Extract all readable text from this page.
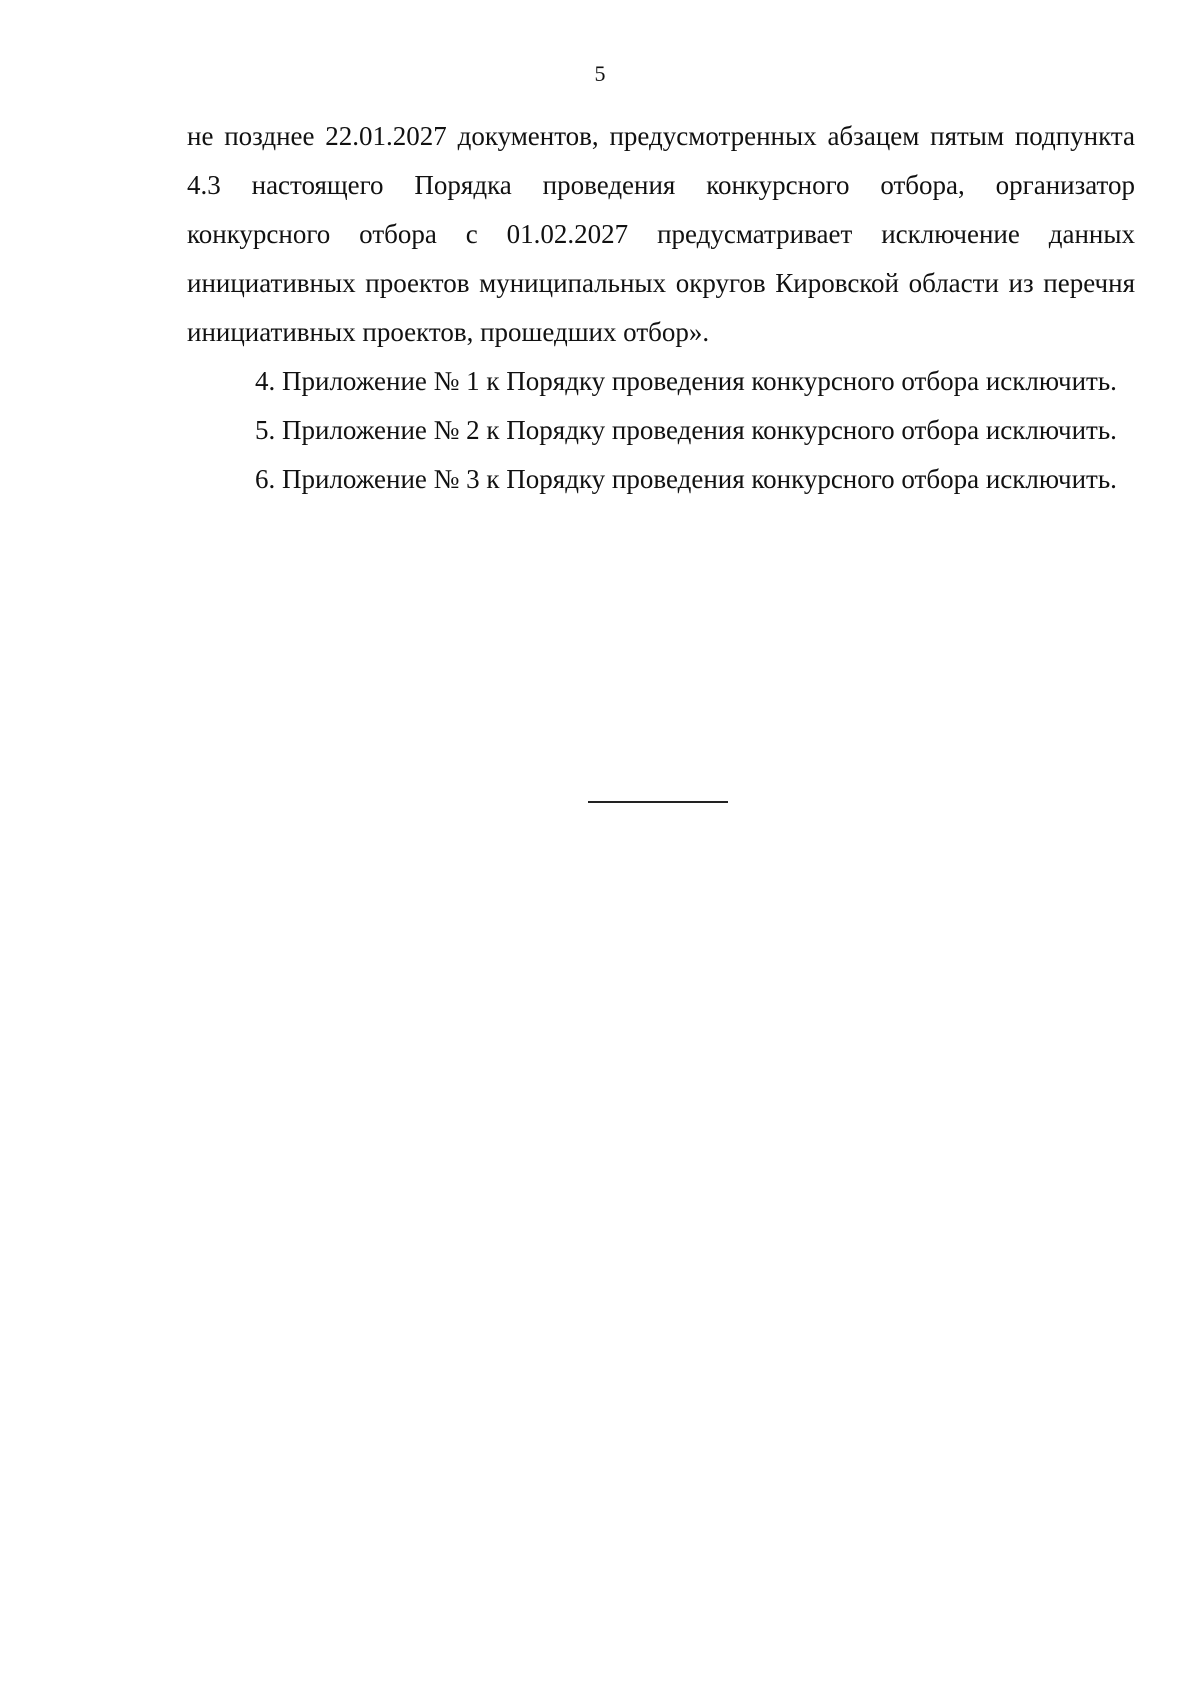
5

не позднее 22.01.2027 документов, предусмотренных абзацем пятым подпункта 4.3 настоящего Порядка проведения конкурсного отбора, организатор конкурсного отбора с 01.02.2027 предусматривает исключение данных инициативных проектов муниципальных округов Кировской области из перечня инициативных проектов, прошедших отбор».

4. Приложение № 1 к Порядку проведения конкурсного отбора исключить.

5. Приложение № 2 к Порядку проведения конкурсного отбора исключить.

6. Приложение № 3 к Порядку проведения конкурсного отбора исключить.
